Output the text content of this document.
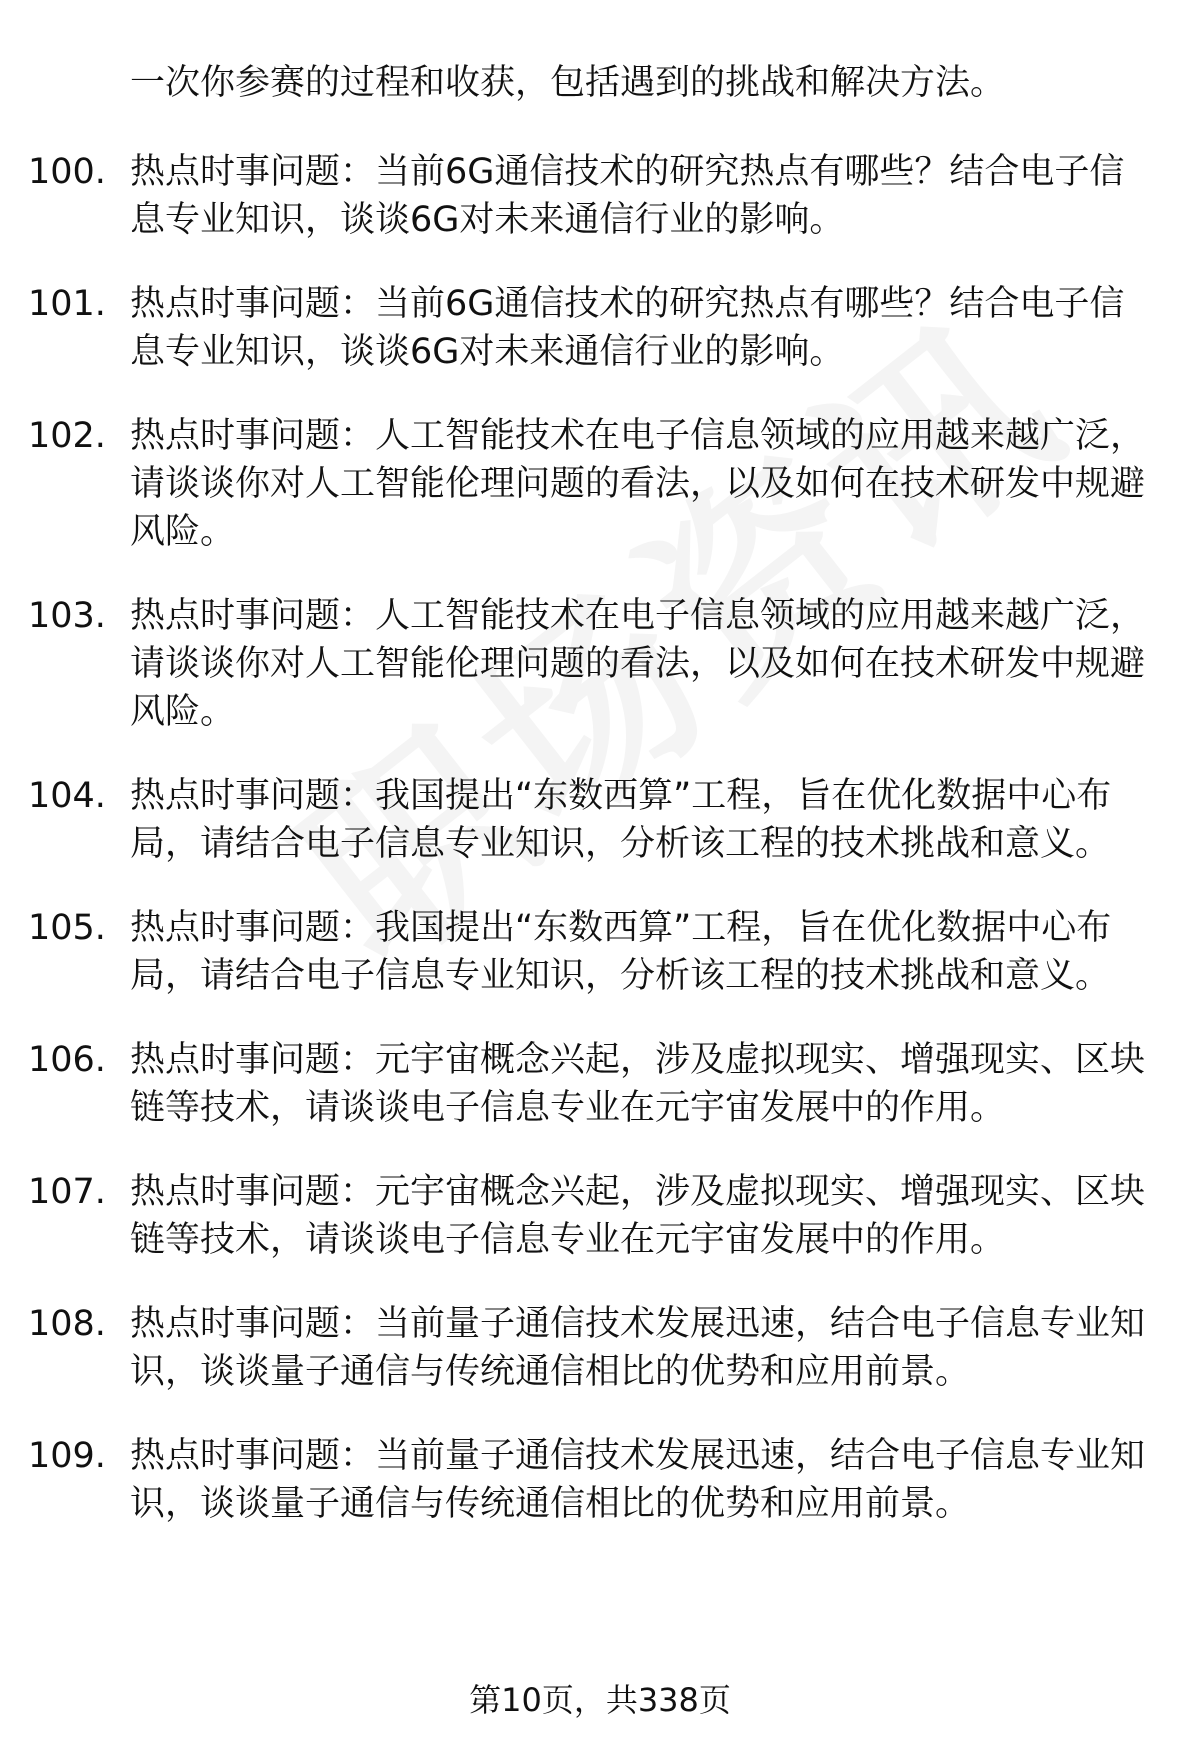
一次你参赛的过程和收获，包括遇到的挑战和解决方法。
100. 热点时事问题：当前6G通信技术的研究热点有哪些？结合电子信息专业知识，谈谈6G对未来通信行业的影响。
101. 热点时事问题：当前6G通信技术的研究热点有哪些？结合电子信息专业知识，谈谈6G对未来通信行业的影响。
102. 热点时事问题：人工智能技术在电子信息领域的应用越来越广泛，请谈谈你对人工智能伦理问题的看法，以及如何在技术研发中规避风险。
103. 热点时事问题：人工智能技术在电子信息领域的应用越来越广泛，请谈谈你对人工智能伦理问题的看法，以及如何在技术研发中规避风险。
104. 热点时事问题：我国提出“东数西算”工程，旨在优化数据中心布局，请结合电子信息专业知识，分析该工程的技术挑战和意义。
105. 热点时事问题：我国提出“东数西算”工程，旨在优化数据中心布局，请结合电子信息专业知识，分析该工程的技术挑战和意义。
106. 热点时事问题：元宇宙概念兴起，涉及虚拟现实、增强现实、区块链等技术，请谈谈电子信息专业在元宇宙发展中的作用。
107. 热点时事问题：元宇宙概念兴起，涉及虚拟现实、增强现实、区块链等技术，请谈谈电子信息专业在元宇宙发展中的作用。
108. 热点时事问题：当前量子通信技术发展迅速，结合电子信息专业知识，谈谈量子通信与传统通信相比的优势和应用前景。
109. 热点时事问题：当前量子通信技术发展迅速，结合电子信息专业知识，谈谈量子通信与传统通信相比的优势和应用前景。
第10页，共338页
